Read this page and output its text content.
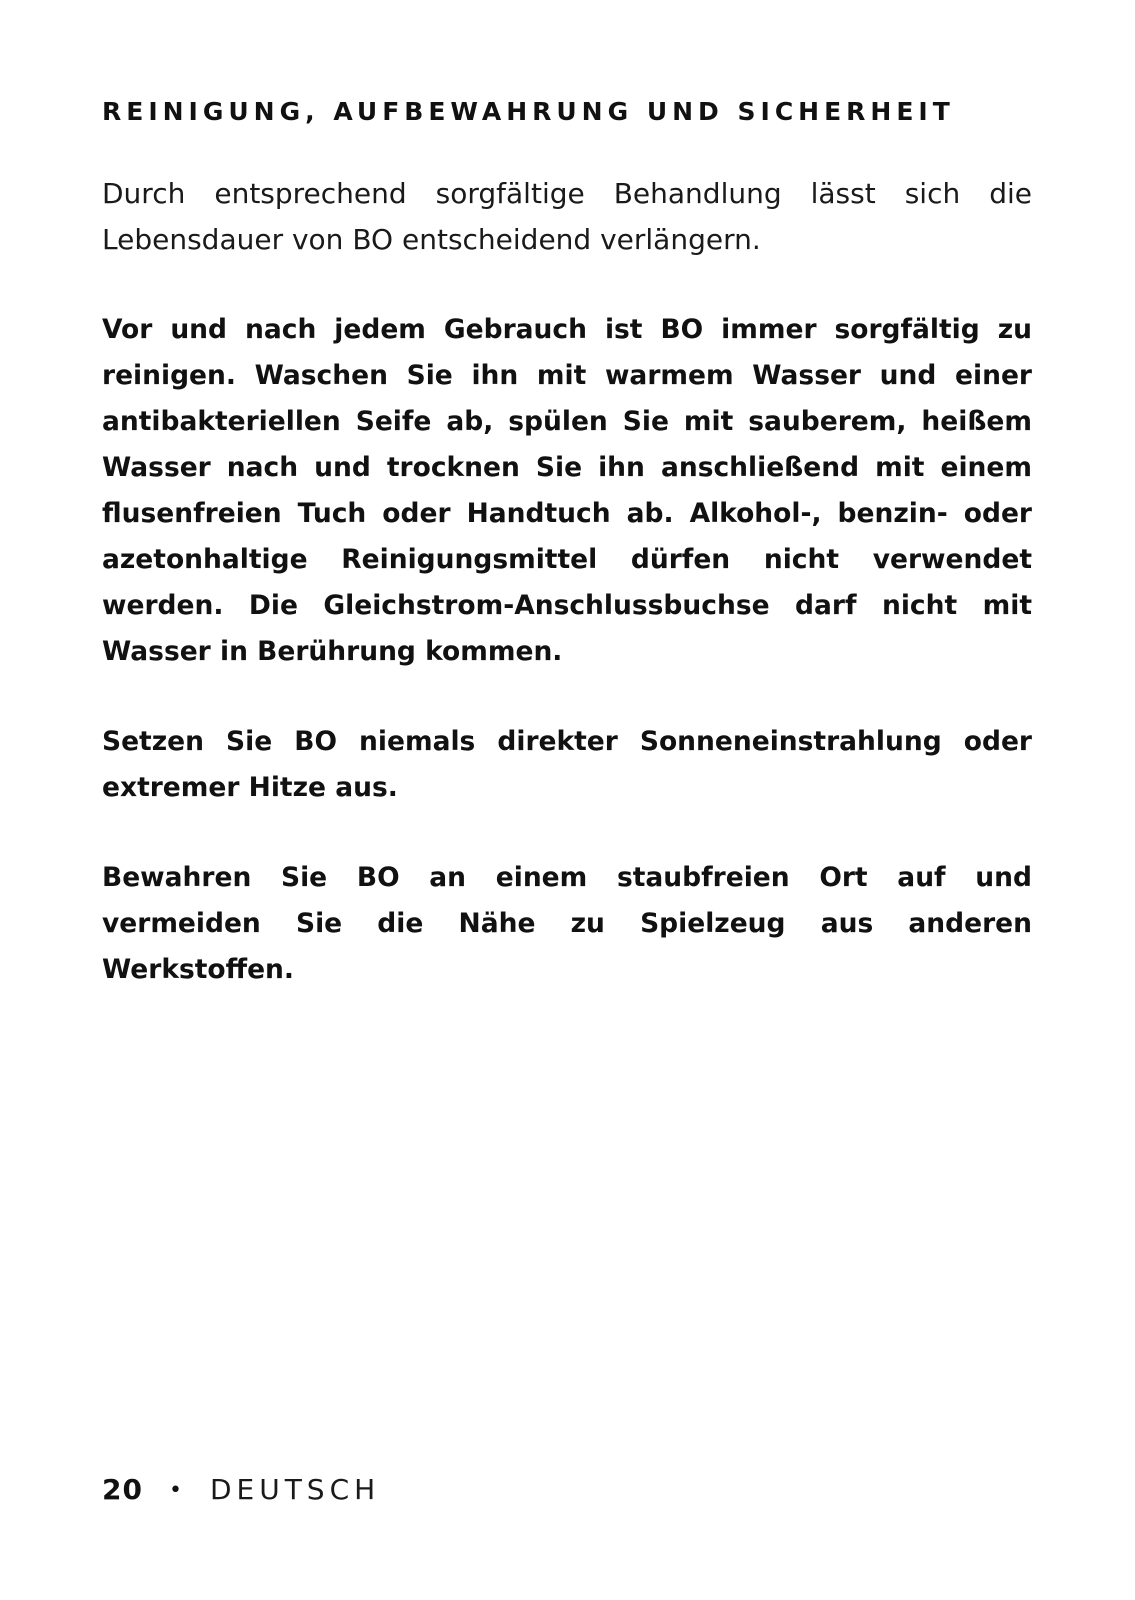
REINIGUNG, AUFBEWAHRUNG UND SICHERHEIT

Durch entsprechend sorgfältige Behandlung lässt sich die Lebensdauer von BO entscheidend verlängern.

Vor und nach jedem Gebrauch ist BO immer sorgfältig zu reinigen. Waschen Sie ihn mit warmem Wasser und einer antibakteriellen Seife ab, spülen Sie mit sauberem, heißem Wasser nach und trocknen Sie ihn anschließend mit einem flusenfreien Tuch oder Handtuch ab. Alkohol-, benzin- oder azetonhaltige Reinigungsmittel dürfen nicht verwendet werden. Die Gleichstrom-Anschlussbuchse darf nicht mit Wasser in Berührung kommen.

Setzen Sie BO niemals direkter Sonneneinstrahlung oder extremer Hitze aus.

Bewahren Sie BO an einem staubfreien Ort auf und vermeiden Sie die Nähe zu Spielzeug aus anderen Werkstoffen.

20 • DEUTSCH
